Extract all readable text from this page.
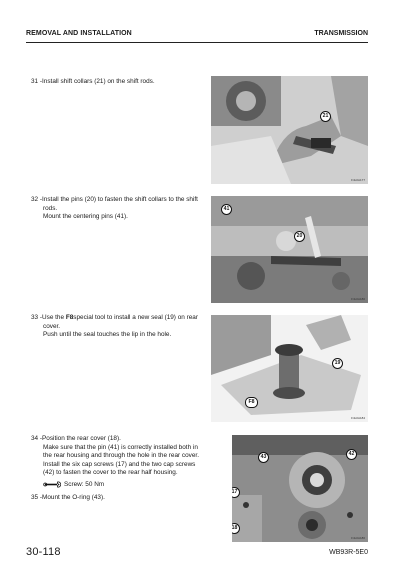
REMOVAL AND INSTALLATION	TRANSMISSION
31 -Install shift collars (21) on the shift rods.
32 -Install the pins (20) to fasten the shift collars to the shift
rods.
Mount the centering pins (41).
33 -Use the F8special tool to install a new seal (19) on rear
cover.
Push until the seal touches the lip in the hole.
34 -Position the rear cover (18).
Make sure that the pin (41) is correctly installed both in
the rear housing and through the hole in the rear cover.
Install the six cap screws (17) and the two cap screws
(42) to fasten the cover to the rear half housing.
Screw: 50 Nm
35 -Mount the O-ring (43).
21
F4L0A177
41
20
F4L0A180
19
F8
F4L0A184
43	42
17
18
F4L0A186
30-118	WB93R-5E0
